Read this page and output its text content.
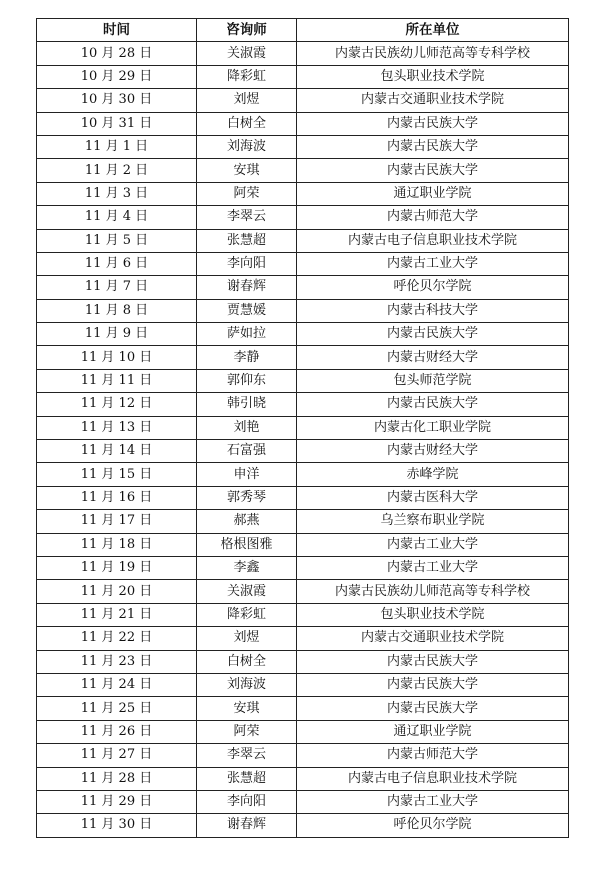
时间	咨询师	所在单位
10 月 28 日	关淑霞	内蒙古民族幼儿师范高等专科学校
10 月 29 日	降彩虹	包头职业技术学院
10 月 30 日	刘煜	内蒙古交通职业技术学院
10 月 31 日	白树全	内蒙古民族大学
11 月 1 日	刘海波	内蒙古民族大学
11 月 2 日	安琪	内蒙古民族大学
11 月 3 日	阿荣	通辽职业学院
11 月 4 日	李翠云	内蒙古师范大学
11 月 5 日	张慧超	内蒙古电子信息职业技术学院
11 月 6 日	李向阳	内蒙古工业大学
11 月 7 日	谢春辉	呼伦贝尔学院
11 月 8 日	贾慧媛	内蒙古科技大学
11 月 9 日	萨如拉	内蒙古民族大学
11 月 10 日	李静	内蒙古财经大学
11 月 11 日	郭仰东	包头师范学院
11 月 12 日	韩引晓	内蒙古民族大学
11 月 13 日	刘艳	内蒙古化工职业学院
11 月 14 日	石富强	内蒙古财经大学
11 月 15 日	申洋	赤峰学院
11 月 16 日	郭秀琴	内蒙古医科大学
11 月 17 日	郝燕	乌兰察布职业学院
11 月 18 日	格根图雅	内蒙古工业大学
11 月 19 日	李鑫	内蒙古工业大学
11 月 20 日	关淑霞	内蒙古民族幼儿师范高等专科学校
11 月 21 日	降彩虹	包头职业技术学院
11 月 22 日	刘煜	内蒙古交通职业技术学院
11 月 23 日	白树全	内蒙古民族大学
11 月 24 日	刘海波	内蒙古民族大学
11 月 25 日	安琪	内蒙古民族大学
11 月 26 日	阿荣	通辽职业学院
11 月 27 日	李翠云	内蒙古师范大学
11 月 28 日	张慧超	内蒙古电子信息职业技术学院
11 月 29 日	李向阳	内蒙古工业大学
11 月 30 日	谢春辉	呼伦贝尔学院
